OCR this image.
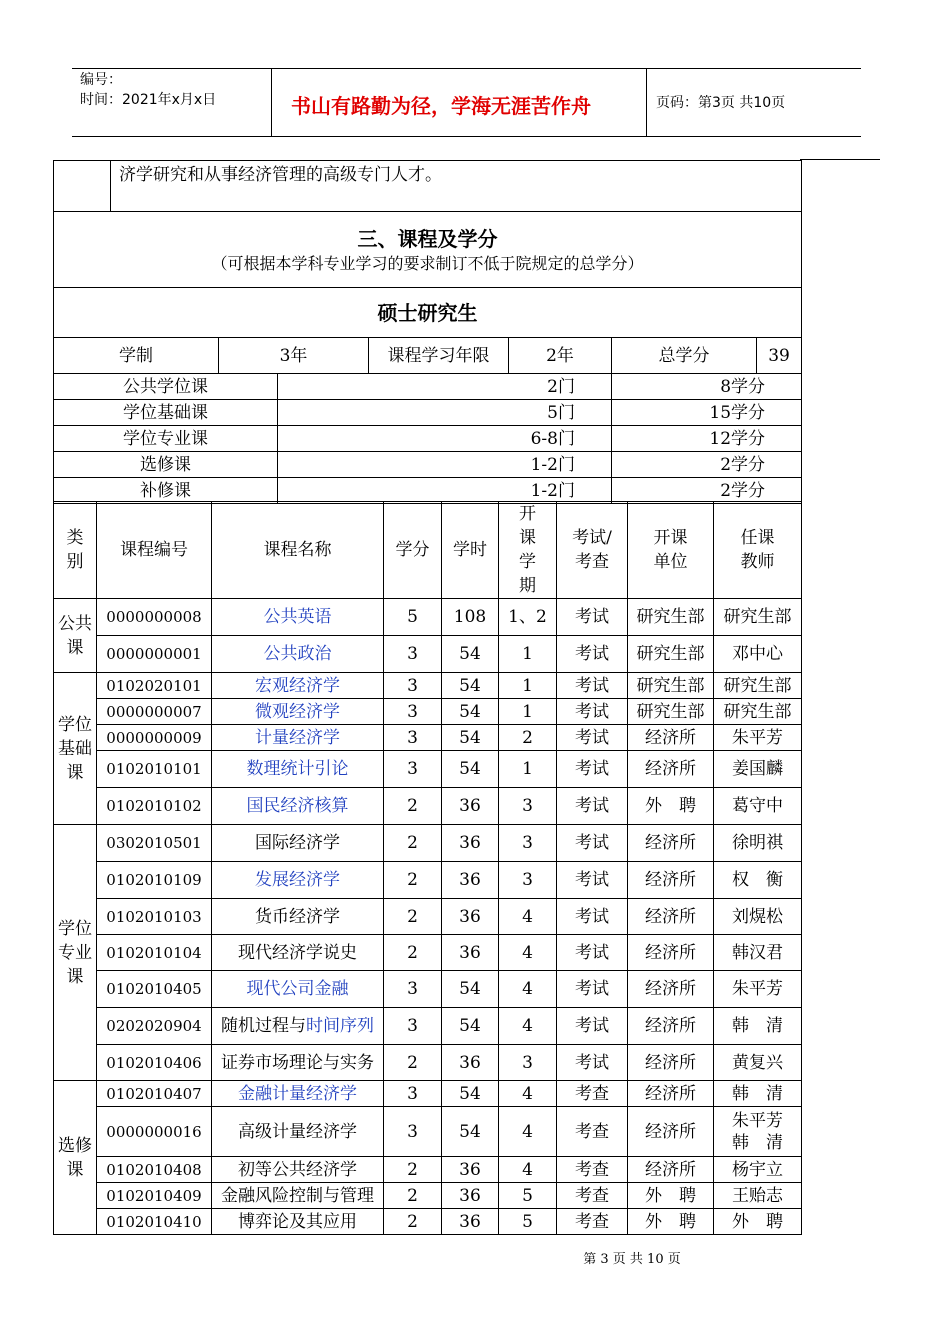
编号：
时间：2021年x月x日	书山有路勤为径，学海无涯苦作舟	页码：第3页 共10页
	济学研究和从事经济管理的高级专门人才。						

三、课程及学分
（可根据本学科专业学习的要求制订不低于院规定的总学分）							

硕士研究生							
学制		3年		课程学习年限	2年	总学分	39
公共学位课			2门			8学分	
学位基础课			5门			15学分	
学位专业课			6-8门			12学分	
选修课			1-2门			2学分	
补修课			1-2门			2学分	
类别	课程编号	课程名称	学分	学时	开课学期	考试/考查	开课单位	任课教师
公共课	0000000008	公共英语	5	108	1、2	考试	研究生部	研究生部
	0000000001	公共政治	3	54	1	考试	研究生部	邓中心
学位基础课	0102020101	宏观经济学	3	54	1	考试	研究生部	研究生部
	0000000007	微观经济学	3	54	1	考试	研究生部	研究生部
	0000000009	计量经济学	3	54	2	考试	经济所	朱平芳
	0102010101	数理统计引论	3	54	1	考试	经济所	姜国麟
	0102010102	国民经济核算	2	36	3	考试	外　聘	葛守中
学位专业课	0302010501	国际经济学	2	36	3	考试	经济所	徐明祺
	0102010109	发展经济学	2	36	3	考试	经济所	权　衡
	0102010103	货币经济学	2	36	4	考试	经济所	刘熀松
	0102010104	现代经济学说史	2	36	4	考试	经济所	韩汉君
	0102010405	现代公司金融	3	54	4	考试	经济所	朱平芳
	0202020904	随机过程与时间序列	3	54	4	考试	经济所	韩　清
	0102010406	证券市场理论与实务	2	36	3	考试	经济所	黄复兴
选修课	0102010407	金融计量经济学	3	54	4	考查	经济所	韩　清
	0000000016	高级计量经济学	3	54	4	考查	经济所	朱平芳
韩　清

	0102010408	初等公共经济学	2	36	4	考查	经济所	杨宇立
	0102010409	金融风险控制与管理	2	36	5	考查	外　聘	王贻志
	0102010410	博弈论及其应用	2	36	5	考查	外　聘	外　聘
第 3 页 共 10 页
